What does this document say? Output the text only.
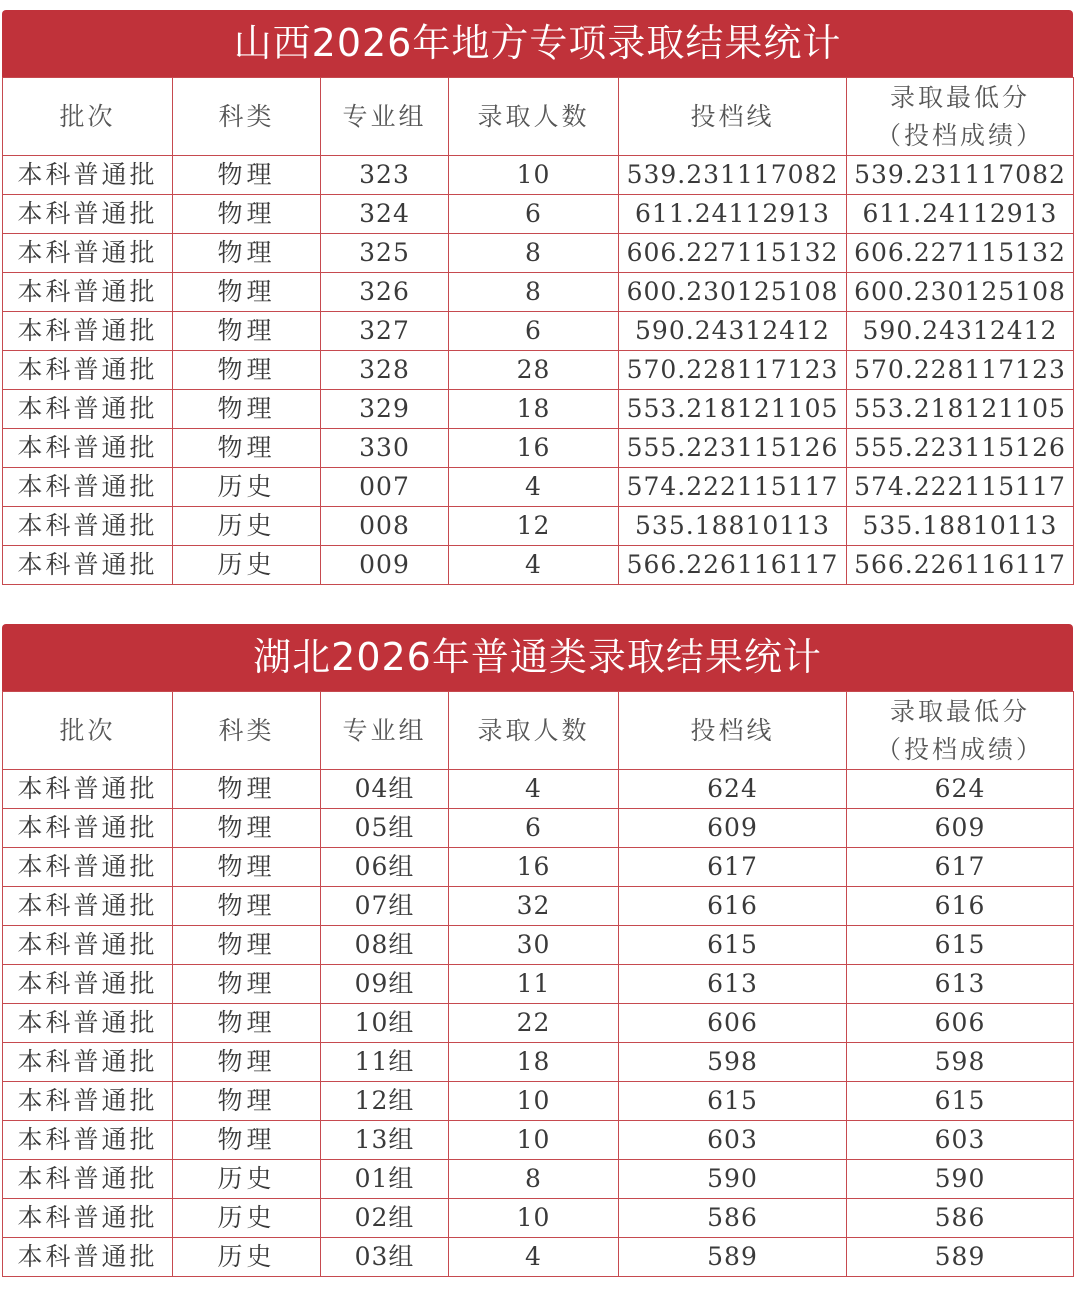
山西2026年地方专项录取结果统计
批次	科类	专业组	录取人数	投档线	录取最低分
（投档成绩）

本科普通批	物理	323	10	539.231117082	539.231117082
本科普通批	物理	324	6	611.24112913	611.24112913
本科普通批	物理	325	8	606.227115132	606.227115132
本科普通批	物理	326	8	600.230125108	600.230125108
本科普通批	物理	327	6	590.24312412	590.24312412
本科普通批	物理	328	28	570.228117123	570.228117123
本科普通批	物理	329	18	553.218121105	553.218121105
本科普通批	物理	330	16	555.223115126	555.223115126
本科普通批	历史	007	4	574.222115117	574.222115117
本科普通批	历史	008	12	535.18810113	535.18810113
本科普通批	历史	009	4	566.226116117	566.226116117
湖北2026年普通类录取结果统计
批次	科类	专业组	录取人数	投档线	录取最低分
（投档成绩）

本科普通批	物理	04组	4	624	624
本科普通批	物理	05组	6	609	609
本科普通批	物理	06组	16	617	617
本科普通批	物理	07组	32	616	616
本科普通批	物理	08组	30	615	615
本科普通批	物理	09组	11	613	613
本科普通批	物理	10组	22	606	606
本科普通批	物理	11组	18	598	598
本科普通批	物理	12组	10	615	615
本科普通批	物理	13组	10	603	603
本科普通批	历史	01组	8	590	590
本科普通批	历史	02组	10	586	586
本科普通批	历史	03组	4	589	589
